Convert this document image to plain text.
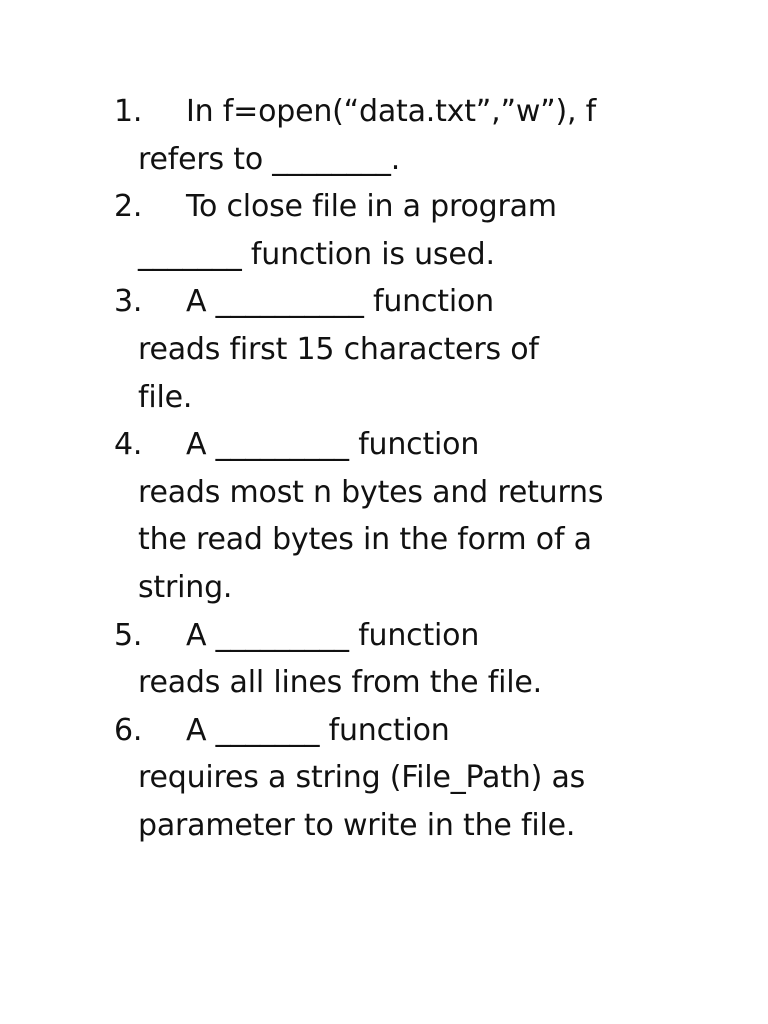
1. In f=open(“data.txt”,”w”), f
refers to ________.
2. To close file in a program
_______ function is used.
3. A __________ function
reads first 15 characters of
file.
4. A _________ function
reads most n bytes and returns
the read bytes in the form of a
string.
5. A _________ function
reads all lines from the file.
6. A _______ function
requires a string (File_Path) as
parameter to write in the file.
